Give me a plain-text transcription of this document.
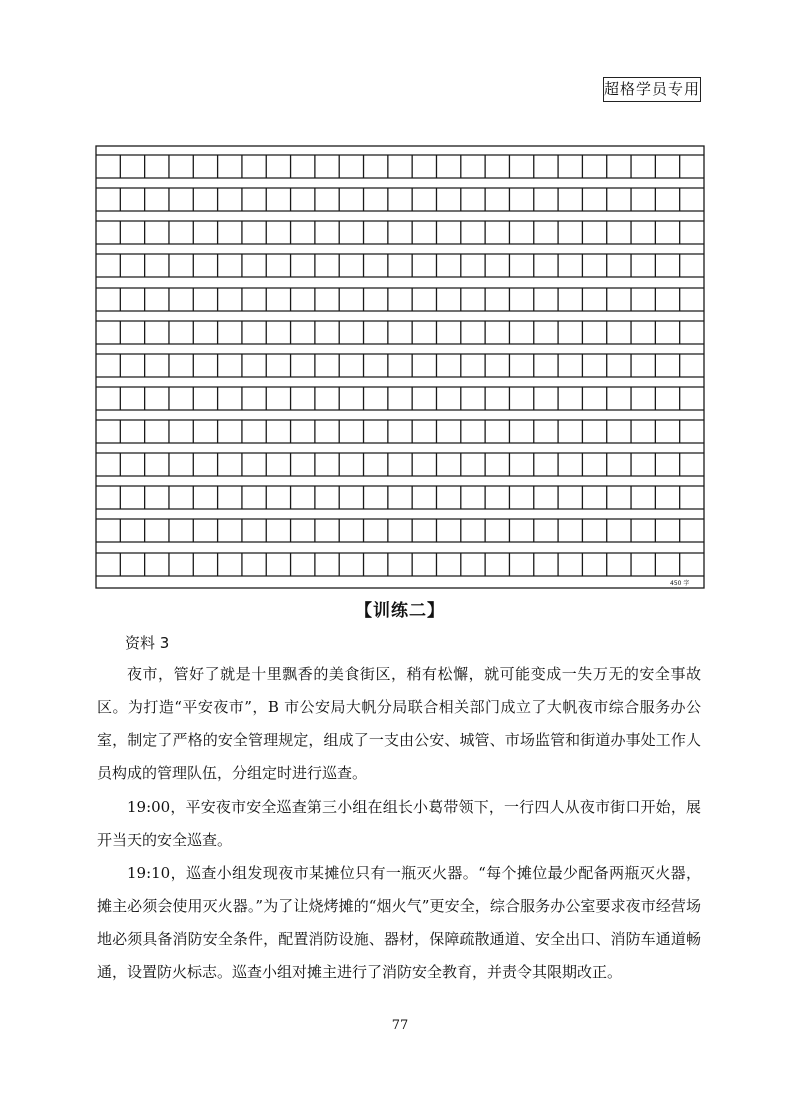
超格学员专用
450 字
【训练二】
资料 3

夜市，管好了就是十里飘香的美食街区，稍有松懈，就可能变成一失万无的安全事故区。为打造“平安夜市”，B 市公安局大帆分局联合相关部门成立了大帆夜市综合服务办公室，制定了严格的安全管理规定，组成了一支由公安、城管、市场监管和街道办事处工作人员构成的管理队伍，分组定时进行巡查。

19:00，平安夜市安全巡查第三小组在组长小葛带领下，一行四人从夜市街口开始，展开当天的安全巡查。

19:10，巡查小组发现夜市某摊位只有一瓶灭火器。“每个摊位最少配备两瓶灭火器，摊主必须会使用灭火器。”为了让烧烤摊的“烟火气”更安全，综合服务办公室要求夜市经营场地必须具备消防安全条件，配置消防设施、器材，保障疏散通道、安全出口、消防车通道畅通，设置防火标志。巡查小组对摊主进行了消防安全教育，并责令其限期改正。

77
